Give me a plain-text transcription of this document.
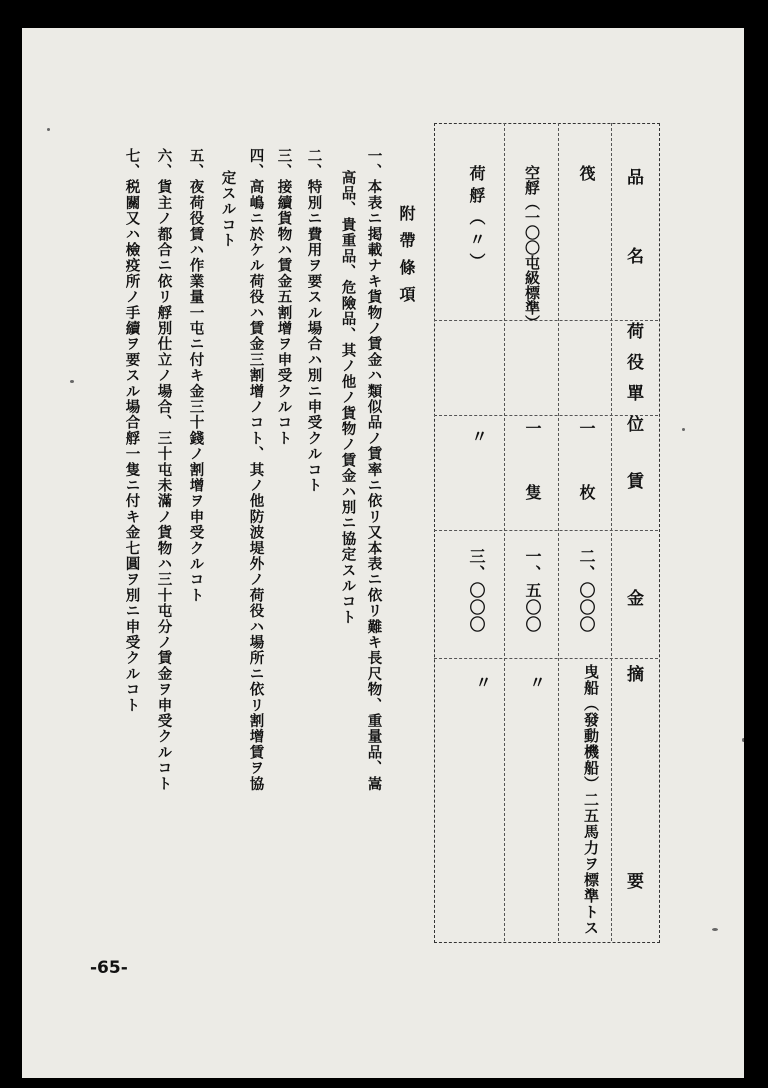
品名
荷役單位
賃金
摘要
筏
一枚
二、〇〇〇
曳船（發動機船）二五馬力ヲ標準トス
空艀（一〇〇屯級標準）
一隻
一、五〇〇
〃
荷艀（〃）
〃
三、〇〇〇
〃
附帶條項
一、本表ニ掲載ナキ貨物ノ賃金ハ類似品ノ賃率ニ依リ又本表ニ依リ難キ長尺物、重量品、嵩
高品、貴重品、危險品、其ノ他ノ貨物ノ賃金ハ別ニ協定スルコト
二、特別ニ費用ヲ要スル場合ハ別ニ申受クルコト
三、接續貨物ハ賃金五割增ヲ申受クルコト
四、高嶋ニ於ケル荷役ハ賃金三割增ノコト、其ノ他防波堤外ノ荷役ハ場所ニ依リ割增賃ヲ協
定スルコト
五、夜荷役賃ハ作業量一屯ニ付キ金三十錢ノ割增ヲ申受クルコト
六、貨主ノ都合ニ依リ艀別仕立ノ場合、三十屯未滿ノ貨物ハ三十屯分ノ賃金ヲ申受クルコト
七、税關又ハ檢疫所ノ手續ヲ要スル場合艀一隻ニ付キ金七圓ヲ別ニ申受クルコト
-65-
